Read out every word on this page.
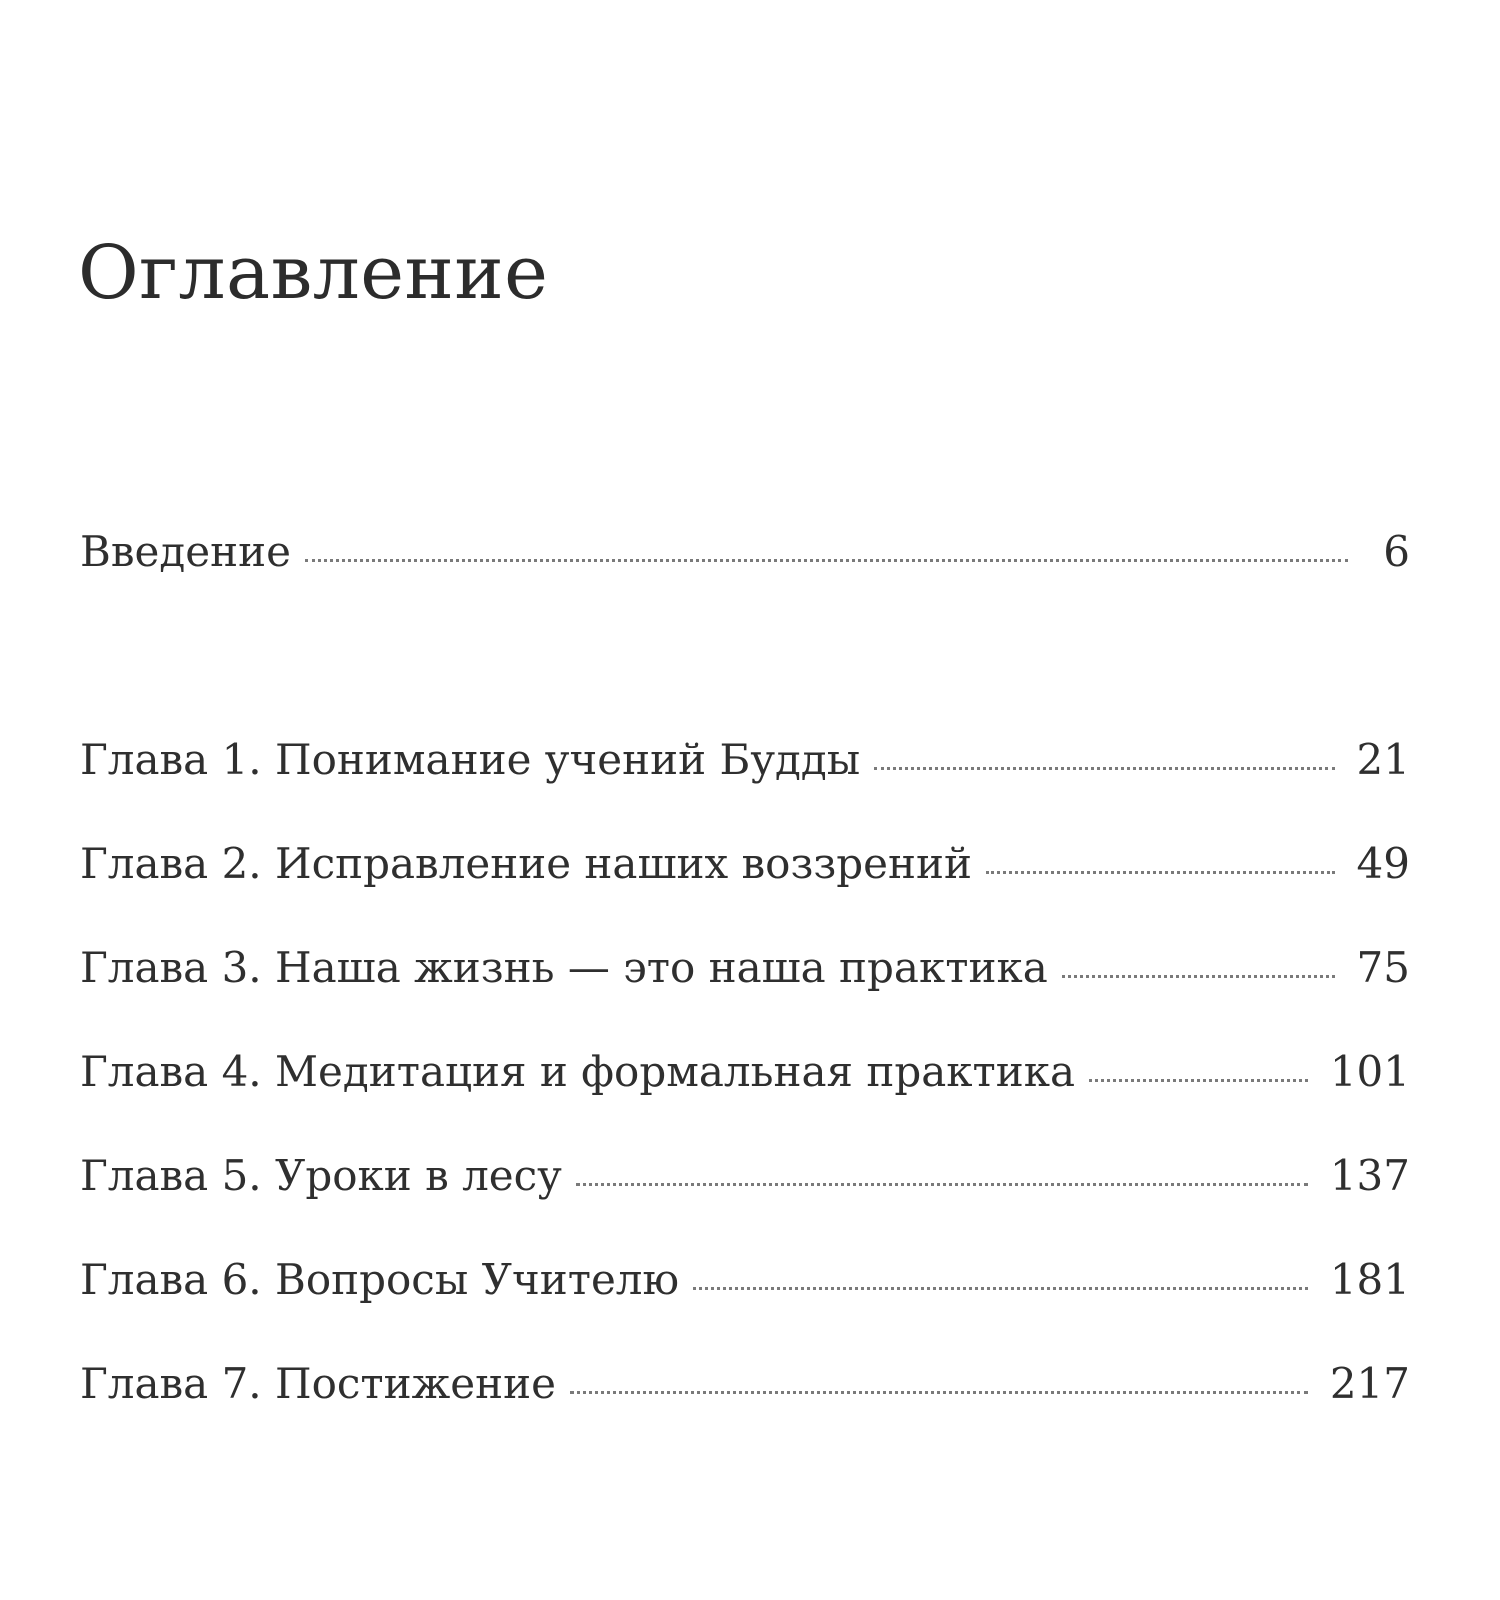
Оглавление
Введение	6
Глава 1. Понимание учений Будды	21
Глава 2. Исправление наших воззрений	49
Глава 3. Наша жизнь — это наша практика	75
Глава 4. Медитация и формальная практика	101
Глава 5. Уроки в лесу	137
Глава 6. Вопросы Учителю	181
Глава 7. Постижение	217
